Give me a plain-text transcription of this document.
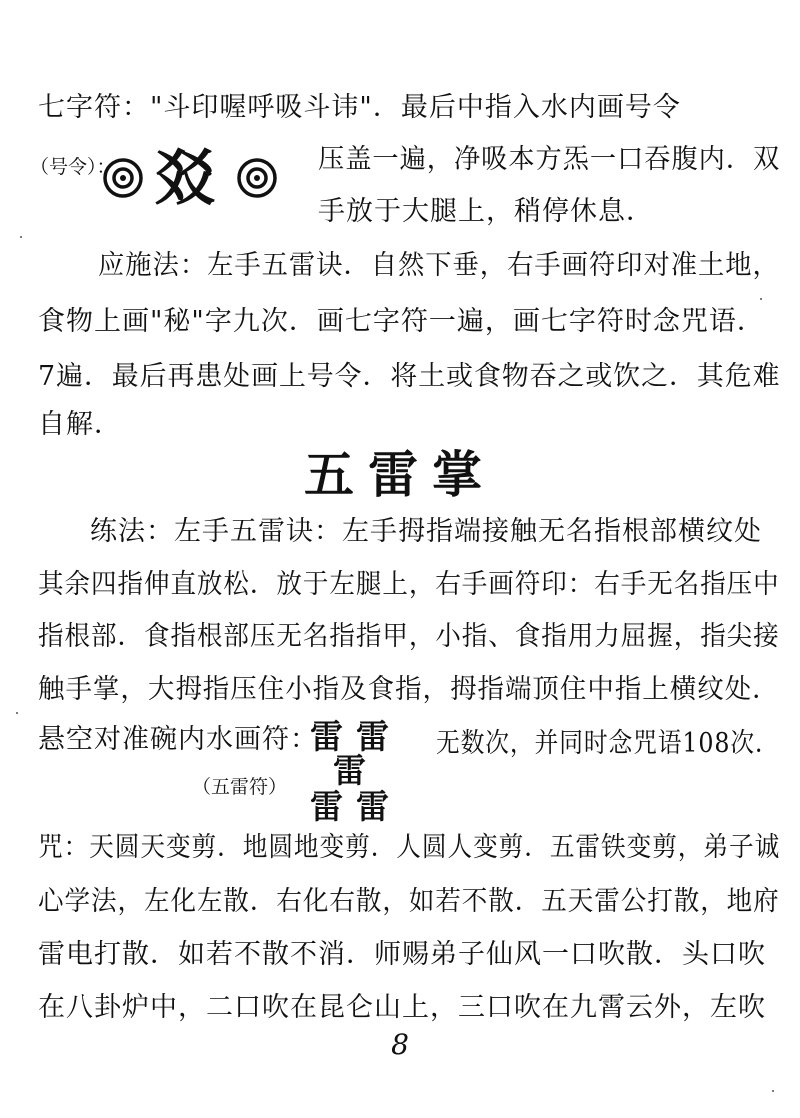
七字符："斗印喔呼吸斗讳"．最后中指入水内画号令
（号令）： 㸚	压盖一遍，净吸本方炁一口吞腹内．双
手放于大腿上，稍停休息．
应施法：左手五雷诀．自然下垂，右手画符印对准土地，
食物上画"秘"字九次．画七字符一遍，画七字符时念咒语．
7遍．最后再患处画上号令．将土或食物吞之或饮之．其危难
自解．
五雷掌
练法：左手五雷诀：左手拇指端接触无名指根部横纹处
其余四指伸直放松．放于左腿上，右手画符印：右手无名指压中
指根部．食指根部压无名指指甲，小指、食指用力屈握，指尖接
触手掌，大拇指压住小指及食指，拇指端顶住中指上横纹处．
悬空对准碗内水画符：
雷 雷
雷
雷 雷
无数次，并同时念咒语108次．
（五雷符）
咒：天圆天变剪．地圆地变剪．人圆人变剪．五雷铁变剪，弟子诚
心学法，左化左散．右化右散，如若不散．五天雷公打散，地府
雷电打散．如若不散不消．师赐弟子仙风一口吹散．头口吹
在八卦炉中，二口吹在昆仑山上，三口吹在九霄云外，左吹
8
